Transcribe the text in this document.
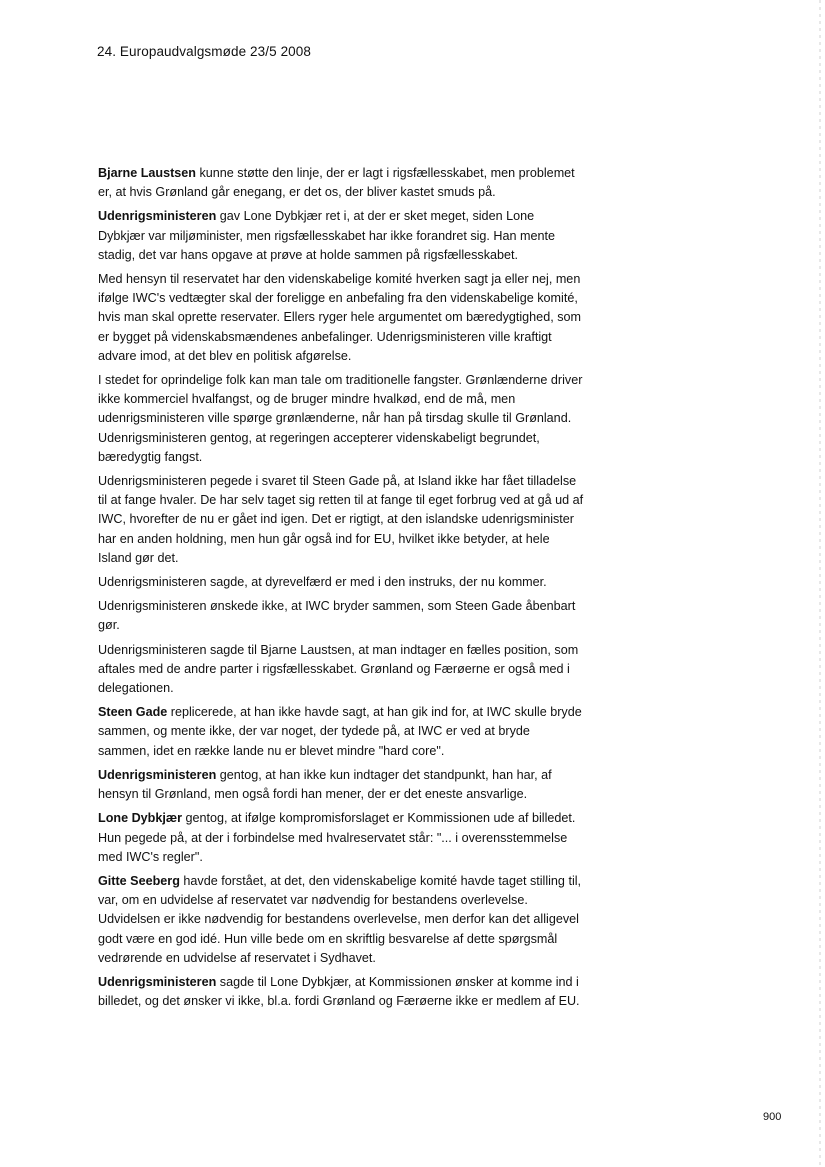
24. Europaudvalgsmøde 23/5 2008

Bjarne Laustsen kunne støtte den linje, der er lagt i rigsfællesskabet, men problemet er, at hvis Grønland går enegang, er det os, der bliver kastet smuds på.

Udenrigsministeren gav Lone Dybkjær ret i, at der er sket meget, siden Lone Dybkjær var miljøminister, men rigsfællesskabet har ikke forandret sig. Han mente stadig, det var hans opgave at prøve at holde sammen på rigsfællesskabet.

Med hensyn til reservatet har den videnskabelige komité hverken sagt ja eller nej, men ifølge IWC's vedtægter skal der foreligge en anbefaling fra den videnskabelige komité, hvis man skal oprette reservater. Ellers ryger hele argumentet om bæredygtighed, som er bygget på videnskabsmændenes anbefalinger. Udenrigsministeren ville kraftigt advare imod, at det blev en politisk afgørelse.

I stedet for oprindelige folk kan man tale om traditionelle fangster. Grønlænderne driver ikke kommerciel hvalfangst, og de bruger mindre hvalkød, end de må, men udenrigsministeren ville spørge grønlænderne, når han på tirsdag skulle til Grønland. Udenrigsministeren gentog, at regeringen accepterer videnskabeligt begrundet, bæredygtig fangst.

Udenrigsministeren pegede i svaret til Steen Gade på, at Island ikke har fået tilladelse til at fange hvaler. De har selv taget sig retten til at fange til eget forbrug ved at gå ud af IWC, hvorefter de nu er gået ind igen. Det er rigtigt, at den islandske udenrigsminister har en anden holdning, men hun går også ind for EU, hvilket ikke betyder, at hele Island gør det.

Udenrigsministeren sagde, at dyrevelfærd er med i den instruks, der nu kommer.

Udenrigsministeren ønskede ikke, at IWC bryder sammen, som Steen Gade åbenbart gør.

Udenrigsministeren sagde til Bjarne Laustsen, at man indtager en fælles position, som aftales med de andre parter i rigsfællesskabet. Grønland og Færøerne er også med i delegationen.

Steen Gade replicerede, at han ikke havde sagt, at han gik ind for, at IWC skulle bryde sammen, og mente ikke, der var noget, der tydede på, at IWC er ved at bryde sammen, idet en række lande nu er blevet mindre "hard core".

Udenrigsministeren gentog, at han ikke kun indtager det standpunkt, han har, af hensyn til Grønland, men også fordi han mener, der er det eneste ansvarlige.

Lone Dybkjær gentog, at ifølge kompromisforslaget er Kommissionen ude af billedet. Hun pegede på, at der i forbindelse med hvalreservatet står: "... i overensstemmelse med IWC's regler".

Gitte Seeberg havde forstået, at det, den videnskabelige komité havde taget stilling til, var, om en udvidelse af reservatet var nødvendig for bestandens overlevelse. Udvidelsen er ikke nødvendig for bestandens overlevelse, men derfor kan det alligevel godt være en god idé. Hun ville bede om en skriftlig besvarelse af dette spørgsmål vedrørende en udvidelse af reservatet i Sydhavet.

Udenrigsministeren sagde til Lone Dybkjær, at Kommissionen ønsker at komme ind i billedet, og det ønsker vi ikke, bl.a. fordi Grønland og Færøerne ikke er medlem af EU.

900
